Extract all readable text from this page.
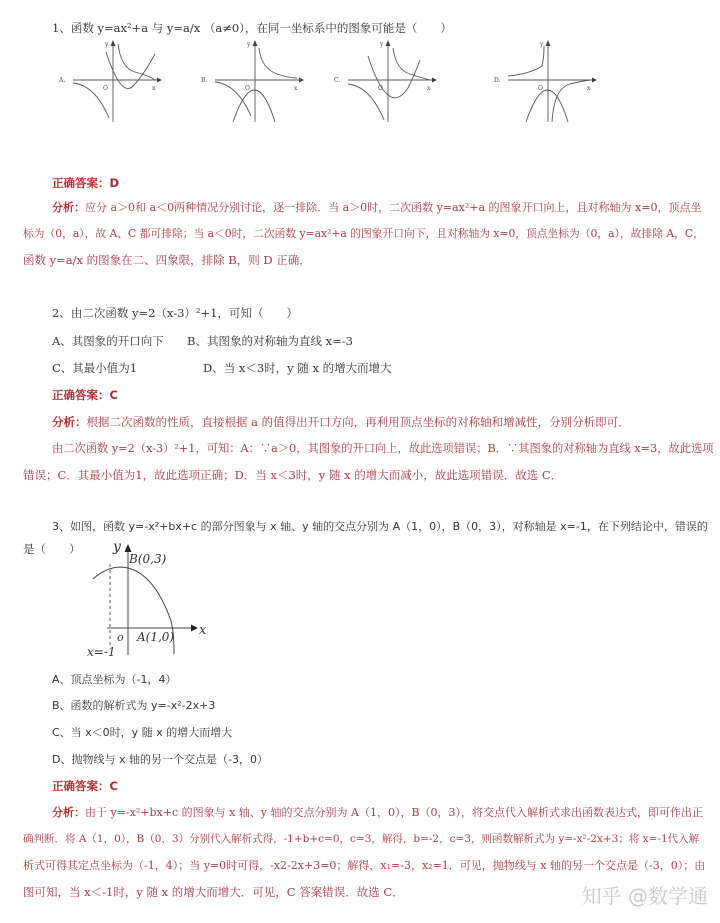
1、函数 y=ax²+a 与 y=a/x （a≠0），在同一坐标系中的图象可能是（　　）
A.
y
x
O
B.
y
x
O
C.
y
x
O
D.
y
x
O
正确答案：D
分析：应分 a＞0和 a＜0两种情况分别讨论，逐一排除．当 a＞0时，二次函数 y=ax²+a 的图象开口向上，且对称轴为 x=0，顶点坐
标为（0，a），故 A、C 都可排除；当 a＜0时，二次函数 y=ax²+a 的图象开口向下，且对称轴为 x=0，顶点坐标为（0，a），故排除 A，C，
函数 y=a/x 的图象在二、四象限，排除 B，则 D 正确．
2、由二次函数 y=2（x-3）²+1，可知（　　）
A、其图象的开口向下 B、其图象的对称轴为直线 x=-3
C、其最小值为1	D、当 x＜3时，y 随 x 的增大而增大
正确答案：C
分析：根据二次函数的性质，直接根据 a 的值得出开口方向，再利用顶点坐标的对称轴和增减性，分别分析即可．
由二次函数 y=2（x-3）²+1，可知：A：∵a＞0，其图象的开口向上，故此选项错误；B．∵其图象的对称轴为直线 x=3，故此选项
错误；C．其最小值为1，故此选项正确；D．当 x＜3时，y 随 x 的增大而减小，故此选项错误．故选 C．
3、如图，函数 y=-x²+bx+c 的部分图象与 x 轴、y 轴的交点分别为 A（1，0），B（0，3），对称轴是 x=-1，在下列结论中，错误的
是（　　） y
x
B(0,3)
o A(1,0)
x=-1
A、顶点坐标为（-1，4）
B、函数的解析式为 y=-x²-2x+3
C、当 x＜0时，y 随 x 的增大而增大
D、抛物线与 x 轴的另一个交点是（-3，0）
正确答案：C
分析：由于 y=-x²+bx+c 的图象与 x 轴、y 轴的交点分别为 A（1，0），B（0，3），将交点代入解析式求出函数表达式，即可作出正
确判断．将 A（1，0），B（0，3）分别代入解析式得，-1+b+c=0，c=3，解得，b=-2，c=3，则函数解析式为 y=-x²-2x+3；将 x=-1代入解
析式可得其定点坐标为（-1，4）；当 y=0时可得，-x2-2x+3=0；解得，x₁=-3，x₂=1．可见，抛物线与 x 轴的另一个交点是（-3，0）；由
图可知，当 x＜-1时，y 随 x 的增大而增大．可见，C 答案错误．故选 C．	知乎 @数学通
